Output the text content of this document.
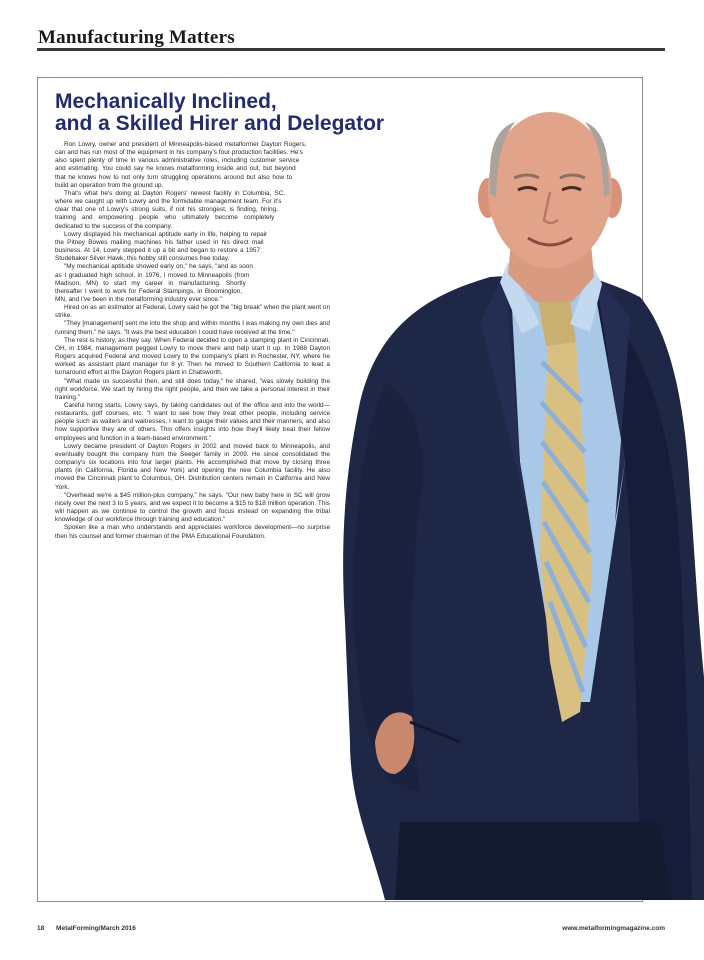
Manufacturing Matters
Mechanically Inclined,
and a Skilled Hirer and Delegator

Ron Lowry, owner and president of Minneapolis-based metalformer Dayton Rogers, can and has run most of the equipment in his company's four production facilities. He's also spent plenty of time in various administrative roles, including customer service and estimating. You could say he knows metalforming inside and out, but beyond that he knows how to not only turn struggling operations around but also how to build an operation from the ground up.

That's what he's doing at Dayton Rogers' newest facility in Columbia, SC, where we caught up with Lowry and the formidable management team. For it's clear that one of Lowry's strong suits, if not his strongest, is finding, hiring, training and empowering people who ultimately become completely dedicated to the success of the company.

Lowry displayed his mechanical aptitude early in life, helping to repair the Pitney Bowes mailing machines his father used in his direct mail business. At 14, Lowry stepped it up a bit and began to restore a 1957 Studebaker Silver Hawk, this hobby still consumes free today.

"My mechanical aptitude showed early on," he says, "and as soon as I graduated high school, in 1976, I moved to Minneapolis (from Madison, MN) to start my career in manufacturing. Shortly thereafter I went to work for Federal Stampings, in Bloomington, MN, and I've been in the metalforming industry ever since."

Hired on as an estimator at Federal, Lowry said he got the "big break" when the plant went on strike.

"They [management] sent me into the shop and within months I was making my own dies and running them," he says. "It was the best education I could have received at the time."

The rest is history, as they say. When Federal decided to open a stamping plant in Cincinnati, OH, in 1984, management pegged Lowry to move there and help start it up. In 1988 Dayton Rogers acquired Federal and moved Lowry to the company's plant in Rochester, NY, where he worked as assistant plant manager for 8 yr. Then he moved to Southern California to lead a turnaround effort at the Dayton Rogers plant in Chatsworth.

"What made us successful then, and still does today," he shared, "was slowly building the right workforce. We start by hiring the right people, and then we take a personal interest in their training."

Careful hiring starts, Lowry says, by taking candidates out of the office and into the world—restaurants, golf courses, etc. "I want to see how they treat other people, including service people such as waiters and waitresses. I want to gauge their values and their manners, and also how supportive they are of others. This offers insights into how they'll likely treat their fellow employees and function in a team-based environment."

Lowry became president of Dayton Rogers in 2002 and moved back to Minneapolis, and eventually bought the company from the Seeger family in 2009. He since consolidated the company's six locations into four larger plants. He accomplished that move by closing three plants (in California, Florida and New York) and opening the new Columbia facility. He also moved the Cincinnati plant to Columbus, OH. Distribution centers remain in California and New York.

"Overhead we're a $45 million-plus company," he says. "Our new baby here in SC will grow nicely over the next 3 to 5 years, and we expect it to become a $15 to $18 million operation. This will happen as we continue to control the growth and focus instead on expanding the tribal knowledge of our workforce through training and education."

Spoken like a man who understands and appreciates workforce development—no surprise then his counsel and former chairman of the PMA Educational Foundation.

18 MetalForming/March 2016	www.metalformingmagazine.com
